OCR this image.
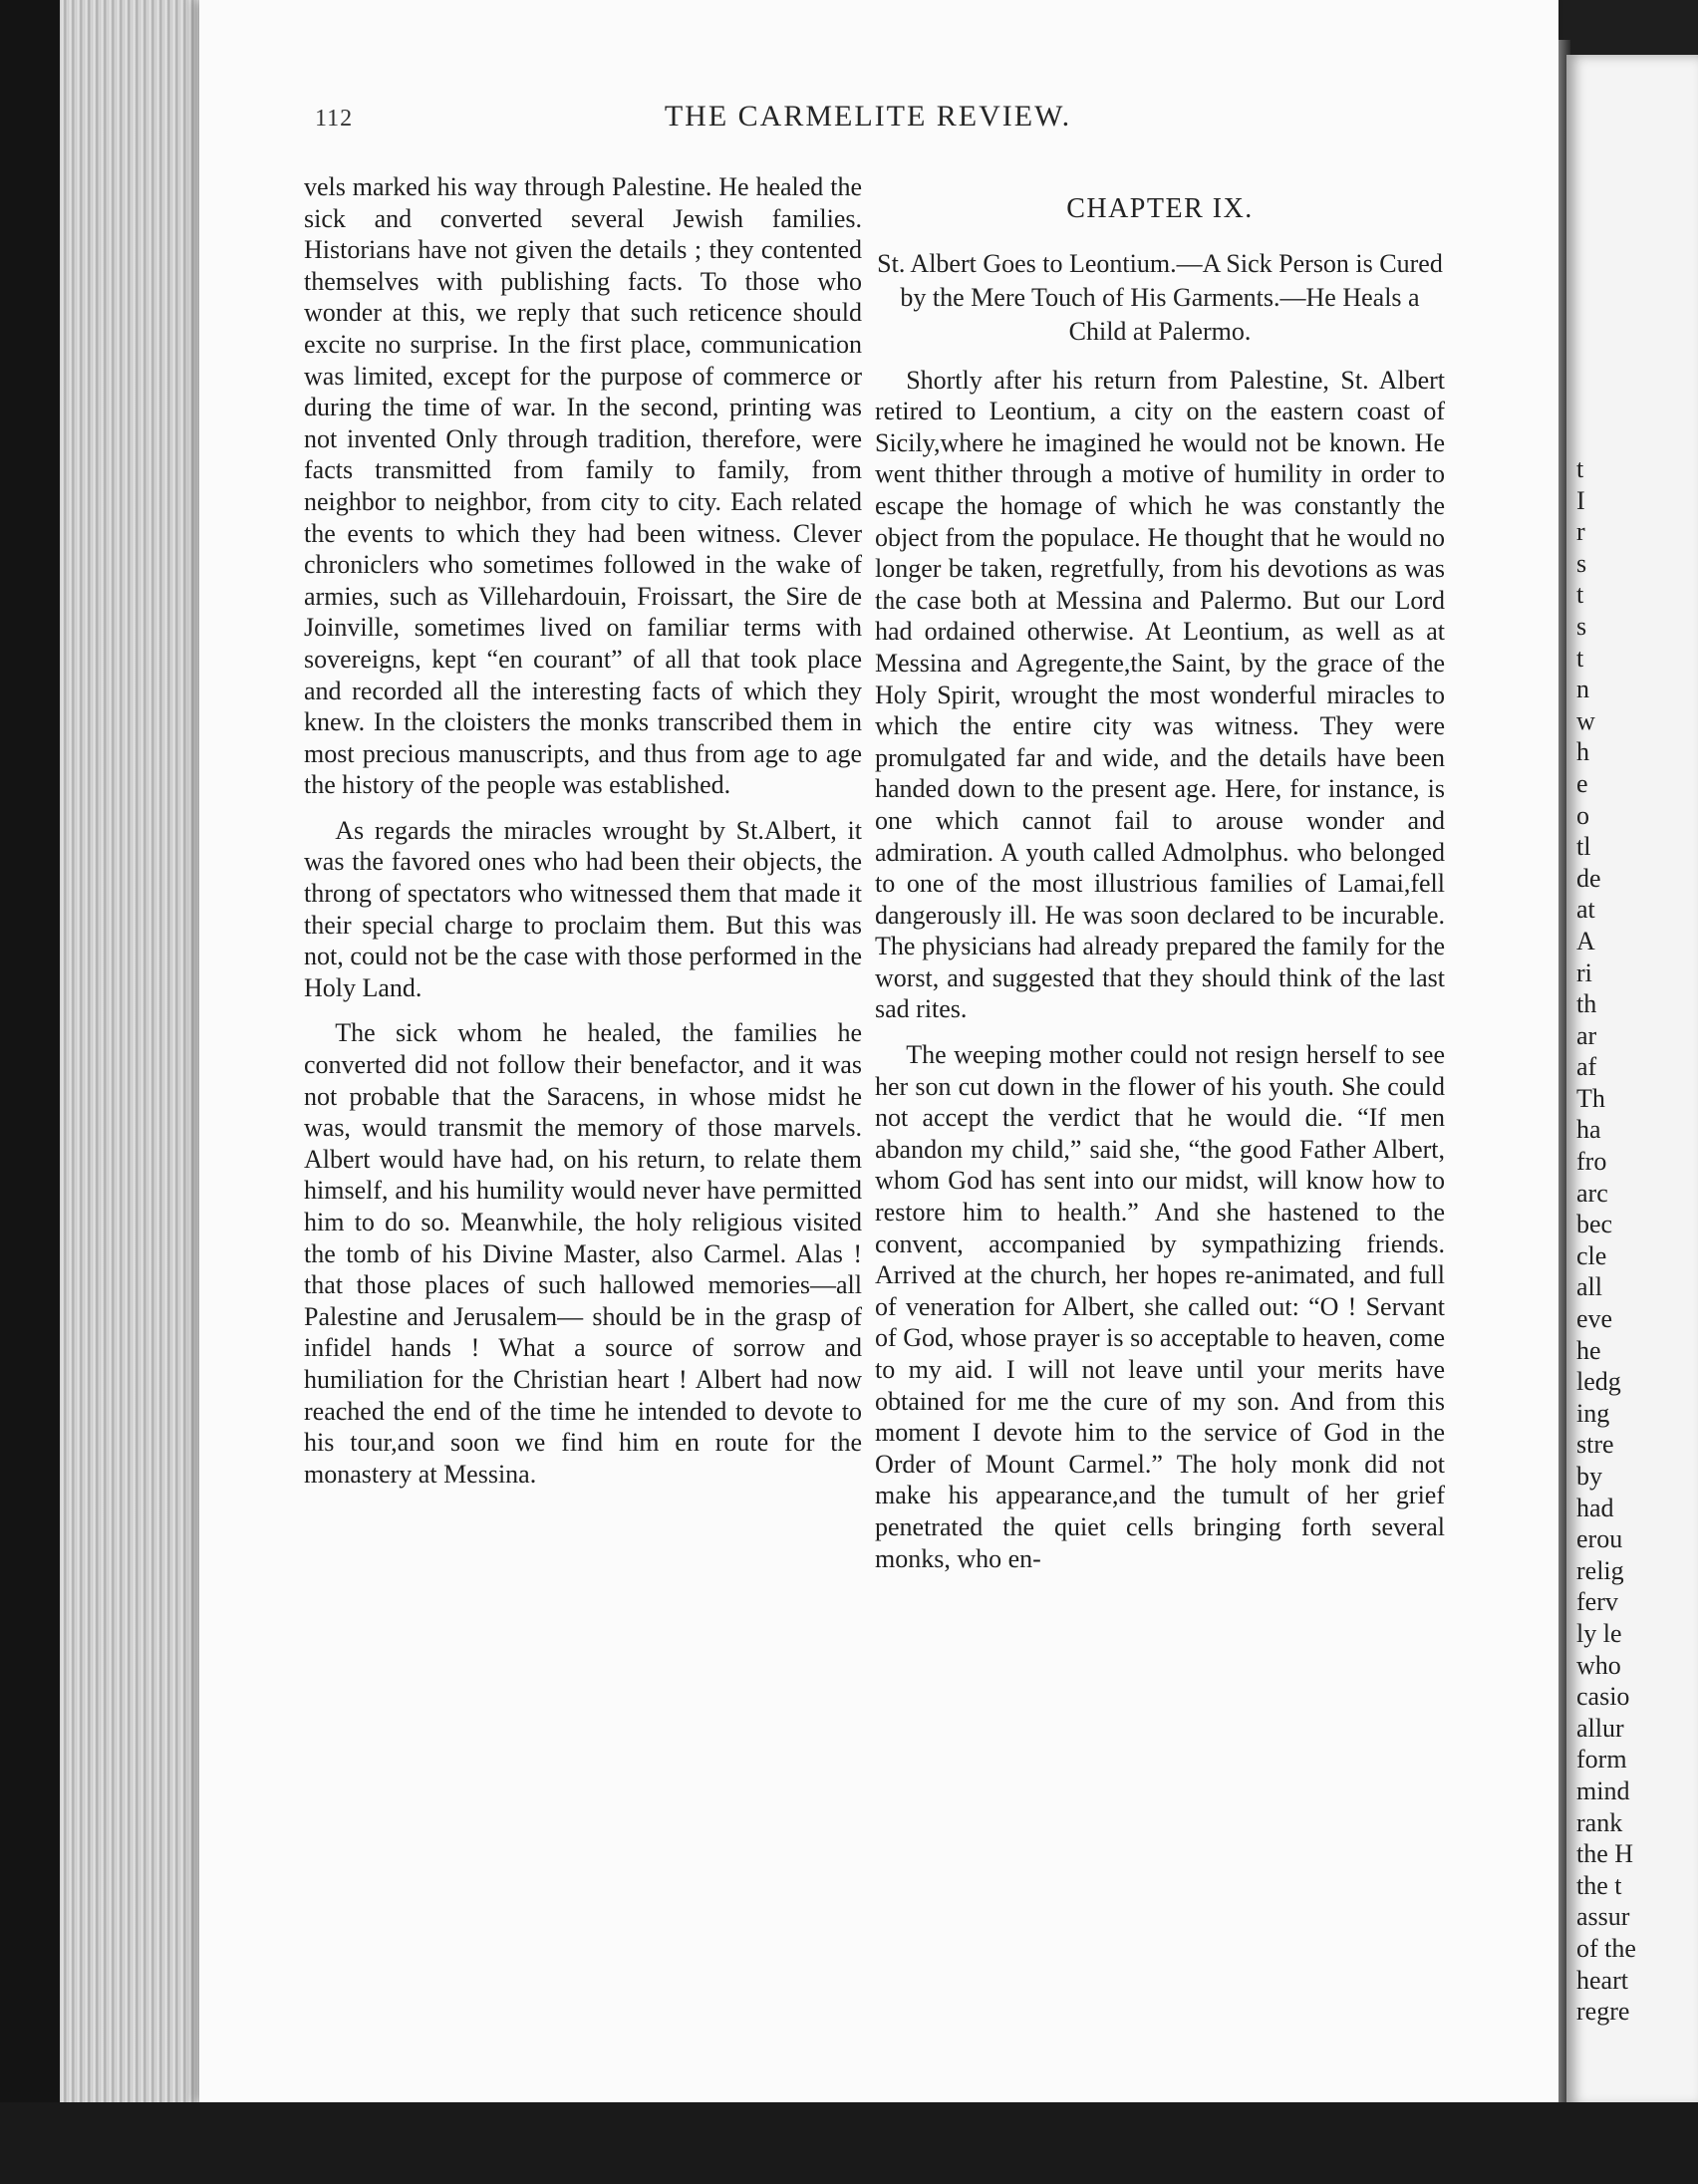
t
I
r
s
t
s
t
n
w
h
e
o
tl
de
at
A
ri
th
ar
af
Th
ha
fro
arc
bec
cle
all
eve
he
ledg
ing
stre
by
had
erou
relig
ferv
ly le
who
casio
allur
form
mind
rank
the H
the t
assur
of the
heart
regre
112	THE CARMELITE REVIEW.

vels marked his way through Palestine. He healed the sick and converted several Jewish families. Historians have not given the details ; they contented themselves with publishing facts. To those who wonder at this, we reply that such reticence should excite no surprise. In the first place, communication was limited, except for the purpose of commerce or during the time of war. In the second, printing was not invented Only through tradition, therefore, were facts transmitted from family to family, from neighbor to neighbor, from city to city. Each related the events to which they had been witness. Clever chroniclers who sometimes followed in the wake of armies, such as Villehardouin, Froissart, the Sire de Joinville, sometimes lived on familiar terms with sovereigns, kept “en courant” of all that took place and recorded all the interesting facts of which they knew. In the cloisters the monks transcribed them in most precious manuscripts, and thus from age to age the history of the people was established.

As regards the miracles wrought by St.Albert, it was the favored ones who had been their objects, the throng of spectators who witnessed them that made it their special charge to proclaim them. But this was not, could not be the case with those performed in the Holy Land.

The sick whom he healed, the families he converted did not follow their benefactor, and it was not probable that the Saracens, in whose midst he was, would transmit the memory of those marvels. Albert would have had, on his return, to relate them himself, and his humility would never have permitted him to do so. Meanwhile, the holy religious visited the tomb of his Divine Master, also Carmel. Alas ! that those places of such hallowed memories—all Palestine and Jerusalem— should be in the grasp of infidel hands ! What a source of sorrow and humiliation for the Christian heart ! Albert had now reached the end of the time he intended to devote to his tour,and soon we find him en route for the monastery at Messina.

CHAPTER IX.
St. Albert Goes to Leontium.—A Sick Person is Cured by the Mere Touch of His Garments.—He Heals a Child at Palermo.

Shortly after his return from Palestine, St. Albert retired to Leontium, a city on the eastern coast of Sicily,where he imagined he would not be known. He went thither through a motive of humility in order to escape the homage of which he was constantly the object from the populace. He thought that he would no longer be taken, regretfully, from his devotions as was the case both at Messina and Palermo. But our Lord had ordained otherwise. At Leontium, as well as at Messina and Agregente,the Saint, by the grace of the Holy Spirit, wrought the most wonderful miracles to which the entire city was witness. They were promulgated far and wide, and the details have been handed down to the present age. Here, for instance, is one which cannot fail to arouse wonder and admiration. A youth called Admolphus. who belonged to one of the most illustrious families of Lamai,fell dangerously ill. He was soon declared to be incurable. The physicians had already prepared the family for the worst, and suggested that they should think of the last sad rites.

The weeping mother could not resign herself to see her son cut down in the flower of his youth. She could not accept the verdict that he would die. “If men abandon my child,” said she, “the good Father Albert, whom God has sent into our midst, will know how to restore him to health.” And she hastened to the convent, accompanied by sympathizing friends. Arrived at the church, her hopes re-animated, and full of veneration for Albert, she called out: “O ! Servant of God, whose prayer is so acceptable to heaven, come to my aid. I will not leave until your merits have obtained for me the cure of my son. And from this moment I devote him to the service of God in the Order of Mount Carmel.” The holy monk did not make his appearance,and the tumult of her grief penetrated the quiet cells bringing forth several monks, who en-
